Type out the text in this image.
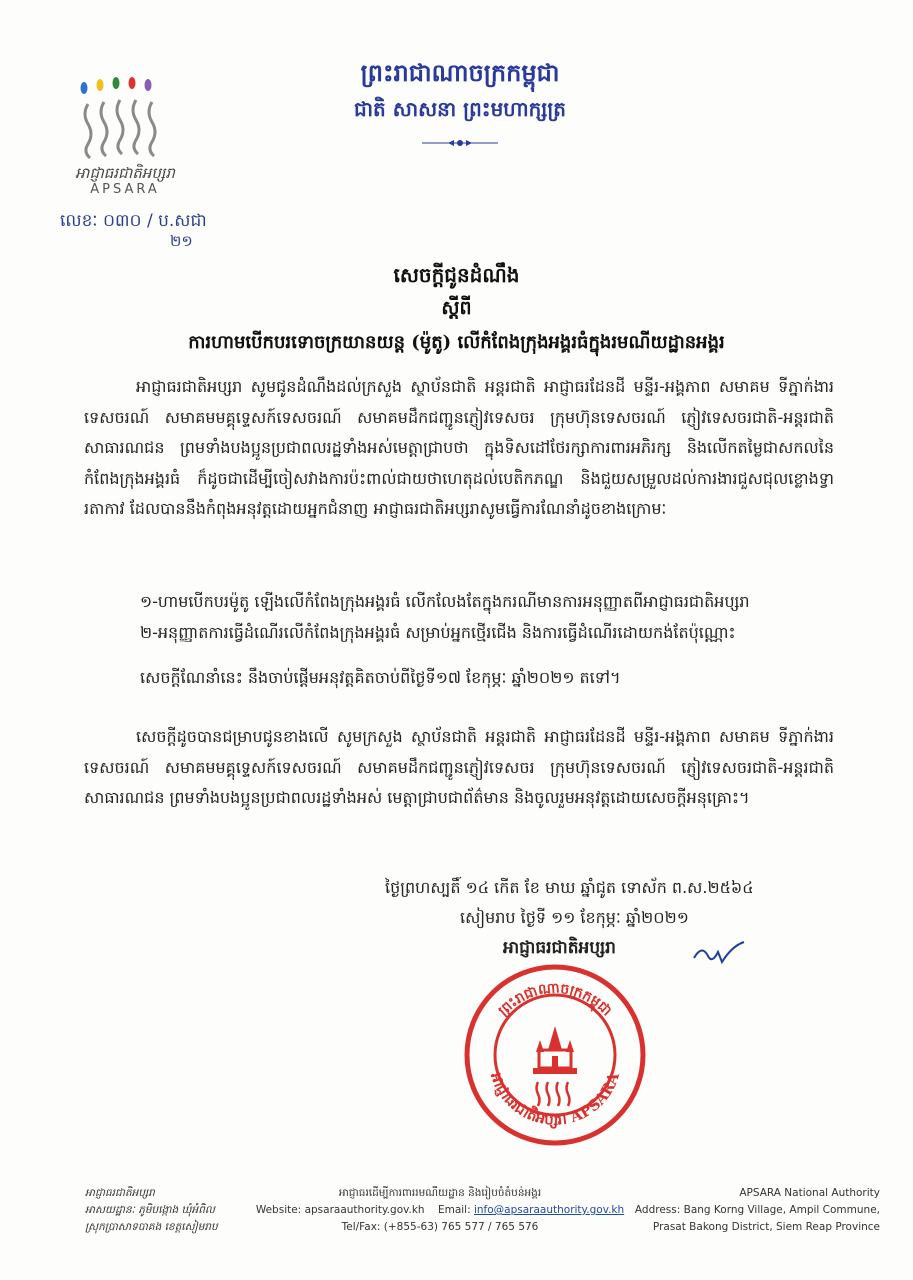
អាជ្ញាធរជាតិអប្សរា
APSARA
លេខៈ ០៣០ / ប.សជា
២១
ព្រះរាជាណាចក្រកម្ពុជា
ជាតិ សាសនា ព្រះមហាក្សត្រ
សេចក្តីជូនដំណឹង
ស្តីពី
ការហាមបើកបរទោចក្រយានយន្ត (ម៉ូតូ) លើកំពែងក្រុងអង្គរធំក្នុងរមណីយដ្ឋានអង្គរ
អាជ្ញាធរជាតិអប្សរា សូមជូនដំណឹងដល់ក្រសួង ស្ថាប័នជាតិ អន្តរជាតិ អាជ្ញាធរដែនដី មន្ទីរ-អង្គភាព សមាគម ទីភ្នាក់ងារទេសចរណ៍ សមាគមមគ្គុទ្ទេសក៍ទេសចរណ៍ សមាគមដឹកជញ្ជូនភ្ញៀវទេសចរ ក្រុមហ៊ុនទេសចរណ៍ ភ្ញៀវទេសចរជាតិ-អន្តរជាតិ សាធារណជន ព្រមទាំងបងប្អូនប្រជាពលរដ្ឋទាំងអស់មេត្តាជ្រាបថា ក្នុងទិសដៅថែរក្សាការពារអភិរក្ស និងលើកតម្លៃជាសកលនៃកំពែងក្រុងអង្គរធំ ក៏ដូចជាដើម្បីចៀសវាងការប៉ះពាល់ជាយថាហេតុដល់បេតិកភណ្ឌ និងជួយសម្រួលដល់ការងារជួសជុលខ្លោងទ្វារតាកាវ ដែលបាននឹងកំពុងអនុវត្តដោយអ្នកជំនាញ អាជ្ញាធរជាតិអប្សរាសូមធ្វើការណែនាំដូចខាងក្រោមៈ
១-ហាមបើកបរម៉ូតូ ឡើងលើកំពែងក្រុងអង្គរធំ លើកលែងតែក្នុងករណីមានការអនុញ្ញាតពីអាជ្ញាធរជាតិអប្សរា
២-អនុញ្ញាតការធ្វើដំណើរលើកំពែងក្រុងអង្គរធំ សម្រាប់អ្នកថ្មើរជើង និងការធ្វើដំណើរដោយកង់តែប៉ុណ្ណោះ
សេចក្តីណែនាំនេះ នឹងចាប់ផ្តើមអនុវត្តគិតចាប់ពីថ្ងៃទី១៧ ខែកុម្ភៈ ឆ្នាំ២០២១ តទៅ។
សេចក្តីដូចបានជម្រាបជូនខាងលើ សូមក្រសួង ស្ថាប័នជាតិ អន្តរជាតិ អាជ្ញាធរដែនដី មន្ទីរ-អង្គភាព សមាគម ទីភ្នាក់ងារទេសចរណ៍ សមាគមមគ្គុទ្ទេសក៍ទេសចរណ៍ សមាគមដឹកជញ្ជូនភ្ញៀវទេសចរ ក្រុមហ៊ុនទេសចរណ៍ ភ្ញៀវទេសចរជាតិ-អន្តរជាតិ សាធារណជន ព្រមទាំងបងប្អូនប្រជាពលរដ្ឋទាំងអស់ មេត្តាជ្រាបជាព័ត៌មាន និងចូលរួមអនុវត្តដោយសេចក្តីអនុគ្រោះ។
ថ្ងៃព្រហស្បតិ៍ ១៤ កើត ខែ មាឃ ឆ្នាំជូត ទោស័ក ព.ស.២៥៦៤
សៀមរាប ថ្ងៃទី ១១ ខែកុម្ភៈ ឆ្នាំ២០២១
អាជ្ញាធរជាតិអប្សរា
ព្រះរាជាណាចក្រកម្ពុជា
អាជ្ញាធរជាតិអប្សរា APSARA
អាជ្ញាធរជាតិអប្សរា
អាសយដ្ឋានៈ ភូមិបង្កោង ឃុំអំពិល
ស្រុកប្រាសាទបាគង ខេត្តសៀមរាប
អាជ្ញាធរដើម្បីការពារ​រមណីយដ្ឋាន និងរៀបចំតំបន់អង្គរ
Website: apsaraauthority.gov.kh Email: info@apsaraauthority.gov.kh
Tel/Fax: (+855-63) 765 577 / 765 576
APSARA National Authority
Address: Bang Korng Village, Ampil Commune,
Prasat Bakong District, Siem Reap Province
